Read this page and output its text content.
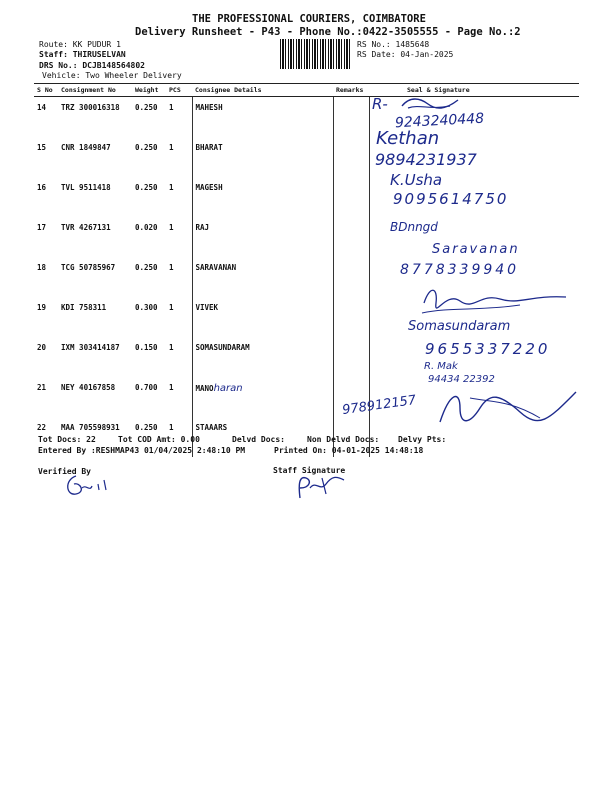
THE PROFESSIONAL COURIERS, COIMBATORE
Delivery Runsheet - P43 - Phone No.:0422-3505555 - Page No.:2
Route: KK PUDUR 1
Staff: THIRUSELVAN
DRS No.: DCJB148564802
Vehicle: Two Wheeler Delivery
RS No.: 1485648
RS Date: 04-Jan-2025
S No	Consignment No	Weight	PCS	Consignee Details	Remarks	Seal & Signature
14	TRZ 300016318	0.250	1	MAHESH		
15	CNR 1849847	0.250	1	BHARAT		
16	TVL 9511418	0.250	1	MAGESH		
17	TVR 4267131	0.020	1	RAJ		
18	TCG 50785967	0.250	1	SARAVANAN		
19	KDI 758311	0.300	1	VIVEK		
20	IXM 303414187	0.150	1	SOMASUNDARAM		
21	NEY 40167858	0.700	1	MANOharan		
22	MAA 705598931	0.250	1	STAAARS		
R-
9243240448
Kethan
9894231937
K.Usha
9095614750
BDnngd
Saravanan
8778339940
Somasundaram
9655337220
R. Mak
94434 22392
978912157
Tot Docs: 22	Tot COD Amt: 0.00	Delvd Docs:	Non Delvd Docs: Delvy Pts:
Entered By :RESHMAP43 01/04/2025 2:48:10 PM	Printed On: 04-01-2025 14:48:18
Verified By	Staff Signature
